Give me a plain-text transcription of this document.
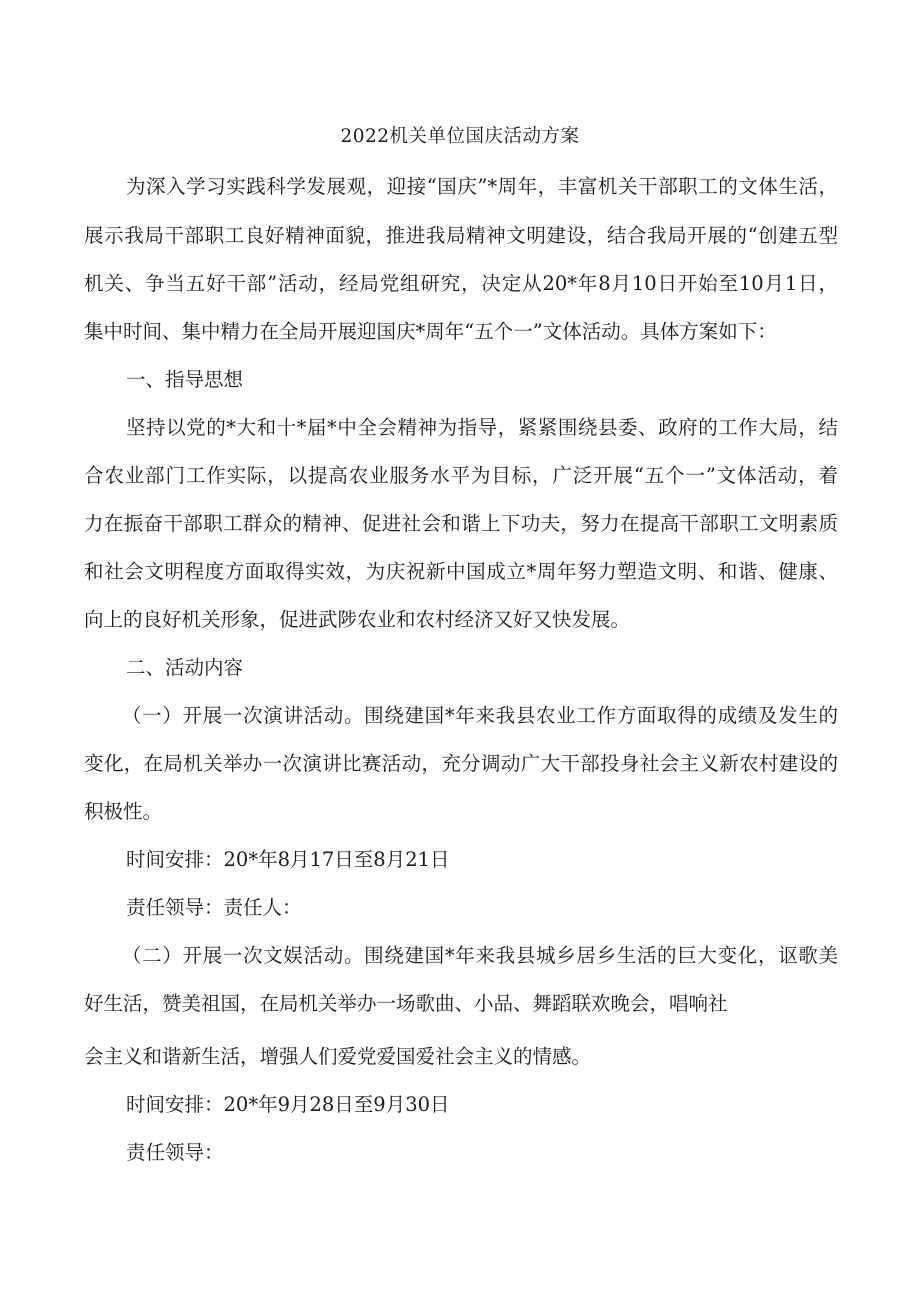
2022机关单位国庆活动方案
为深入学习实践科学发展观，迎接“国庆”*周年，丰富机关干部职工的文体生活，
展示我局干部职工良好精神面貌，推进我局精神文明建设，结合我局开展的“创建五型
机关、争当五好干部”活动，经局党组研究，决定从20*年8月10日开始至10月1日，
集中时间、集中精力在全局开展迎国庆*周年“五个一”文体活动。具体方案如下：
一、指导思想
坚持以党的*大和十*届*中全会精神为指导，紧紧围绕县委、政府的工作大局，结
合农业部门工作实际，以提高农业服务水平为目标，广泛开展“五个一”文体活动，着
力在振奋干部职工群众的精神、促进社会和谐上下功夫，努力在提高干部职工文明素质
和社会文明程度方面取得实效，为庆祝新中国成立*周年努力塑造文明、和谐、健康、
向上的良好机关形象，促进武陟农业和农村经济又好又快发展。
二、活动内容
（一）开展一次演讲活动。围绕建国*年来我县农业工作方面取得的成绩及发生的
变化，在局机关举办一次演讲比赛活动，充分调动广大干部投身社会主义新农村建设的
积极性。
时间安排：20*年8月17日至8月21日
责任领导：责任人：
（二）开展一次文娱活动。围绕建国*年来我县城乡居乡生活的巨大变化，讴歌美
好生活，赞美祖国，在局机关举办一场歌曲、小品、舞蹈联欢晚会，唱响社
会主义和谐新生活，增强人们爱党爱国爱社会主义的情感。
时间安排：20*年9月28日至9月30日
责任领导：
